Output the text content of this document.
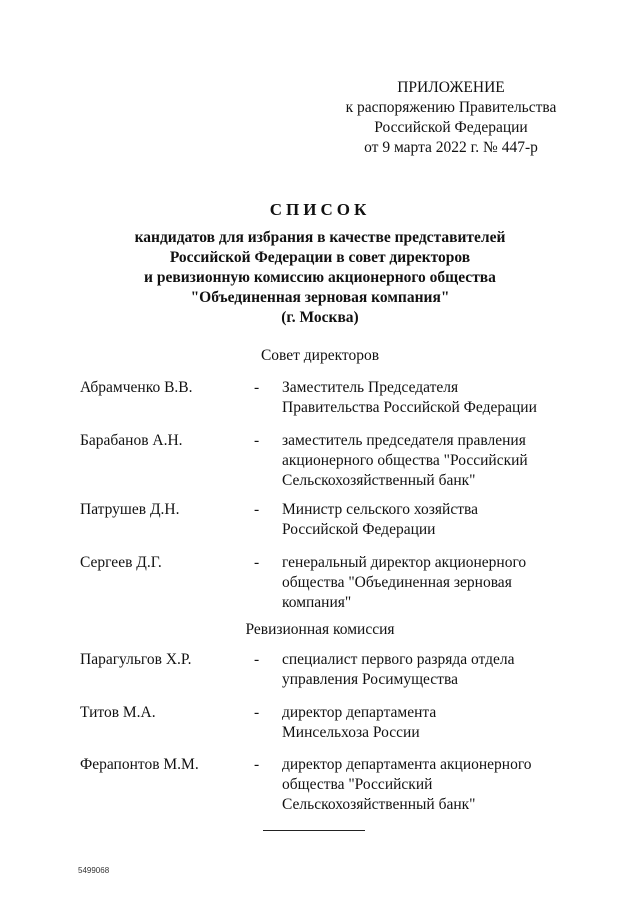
ПРИЛОЖЕНИЕ
к распоряжению Правительства
Российской Федерации
от 9 марта 2022 г. № 447-р
СПИСОК
кандидатов для избрания в качестве представителей
Российской Федерации в совет директоров
и ревизионную комиссию акционерного общества
"Объединенная зерновая компания"
(г. Москва)
Совет директоров
Абрамченко В.В.	- Заместитель Председателя
Правительства Российской Федерации
Барабанов А.Н.	- заместитель председателя правления
акционерного общества "Российский
Сельскохозяйственный банк"
Патрушев Д.Н.	- Министр сельского хозяйства
Российской Федерации
Сергеев Д.Г.	- генеральный директор акционерного
общества "Объединенная зерновая
компания"
Ревизионная комиссия
Парагульгов Х.Р.	- специалист первого разряда отдела
управления Росимущества
Титов М.А.	- директор департамента
Минсельхоза России
Ферапонтов М.М.	- директор департамента акционерного
общества "Российский
Сельскохозяйственный банк"
5499068
